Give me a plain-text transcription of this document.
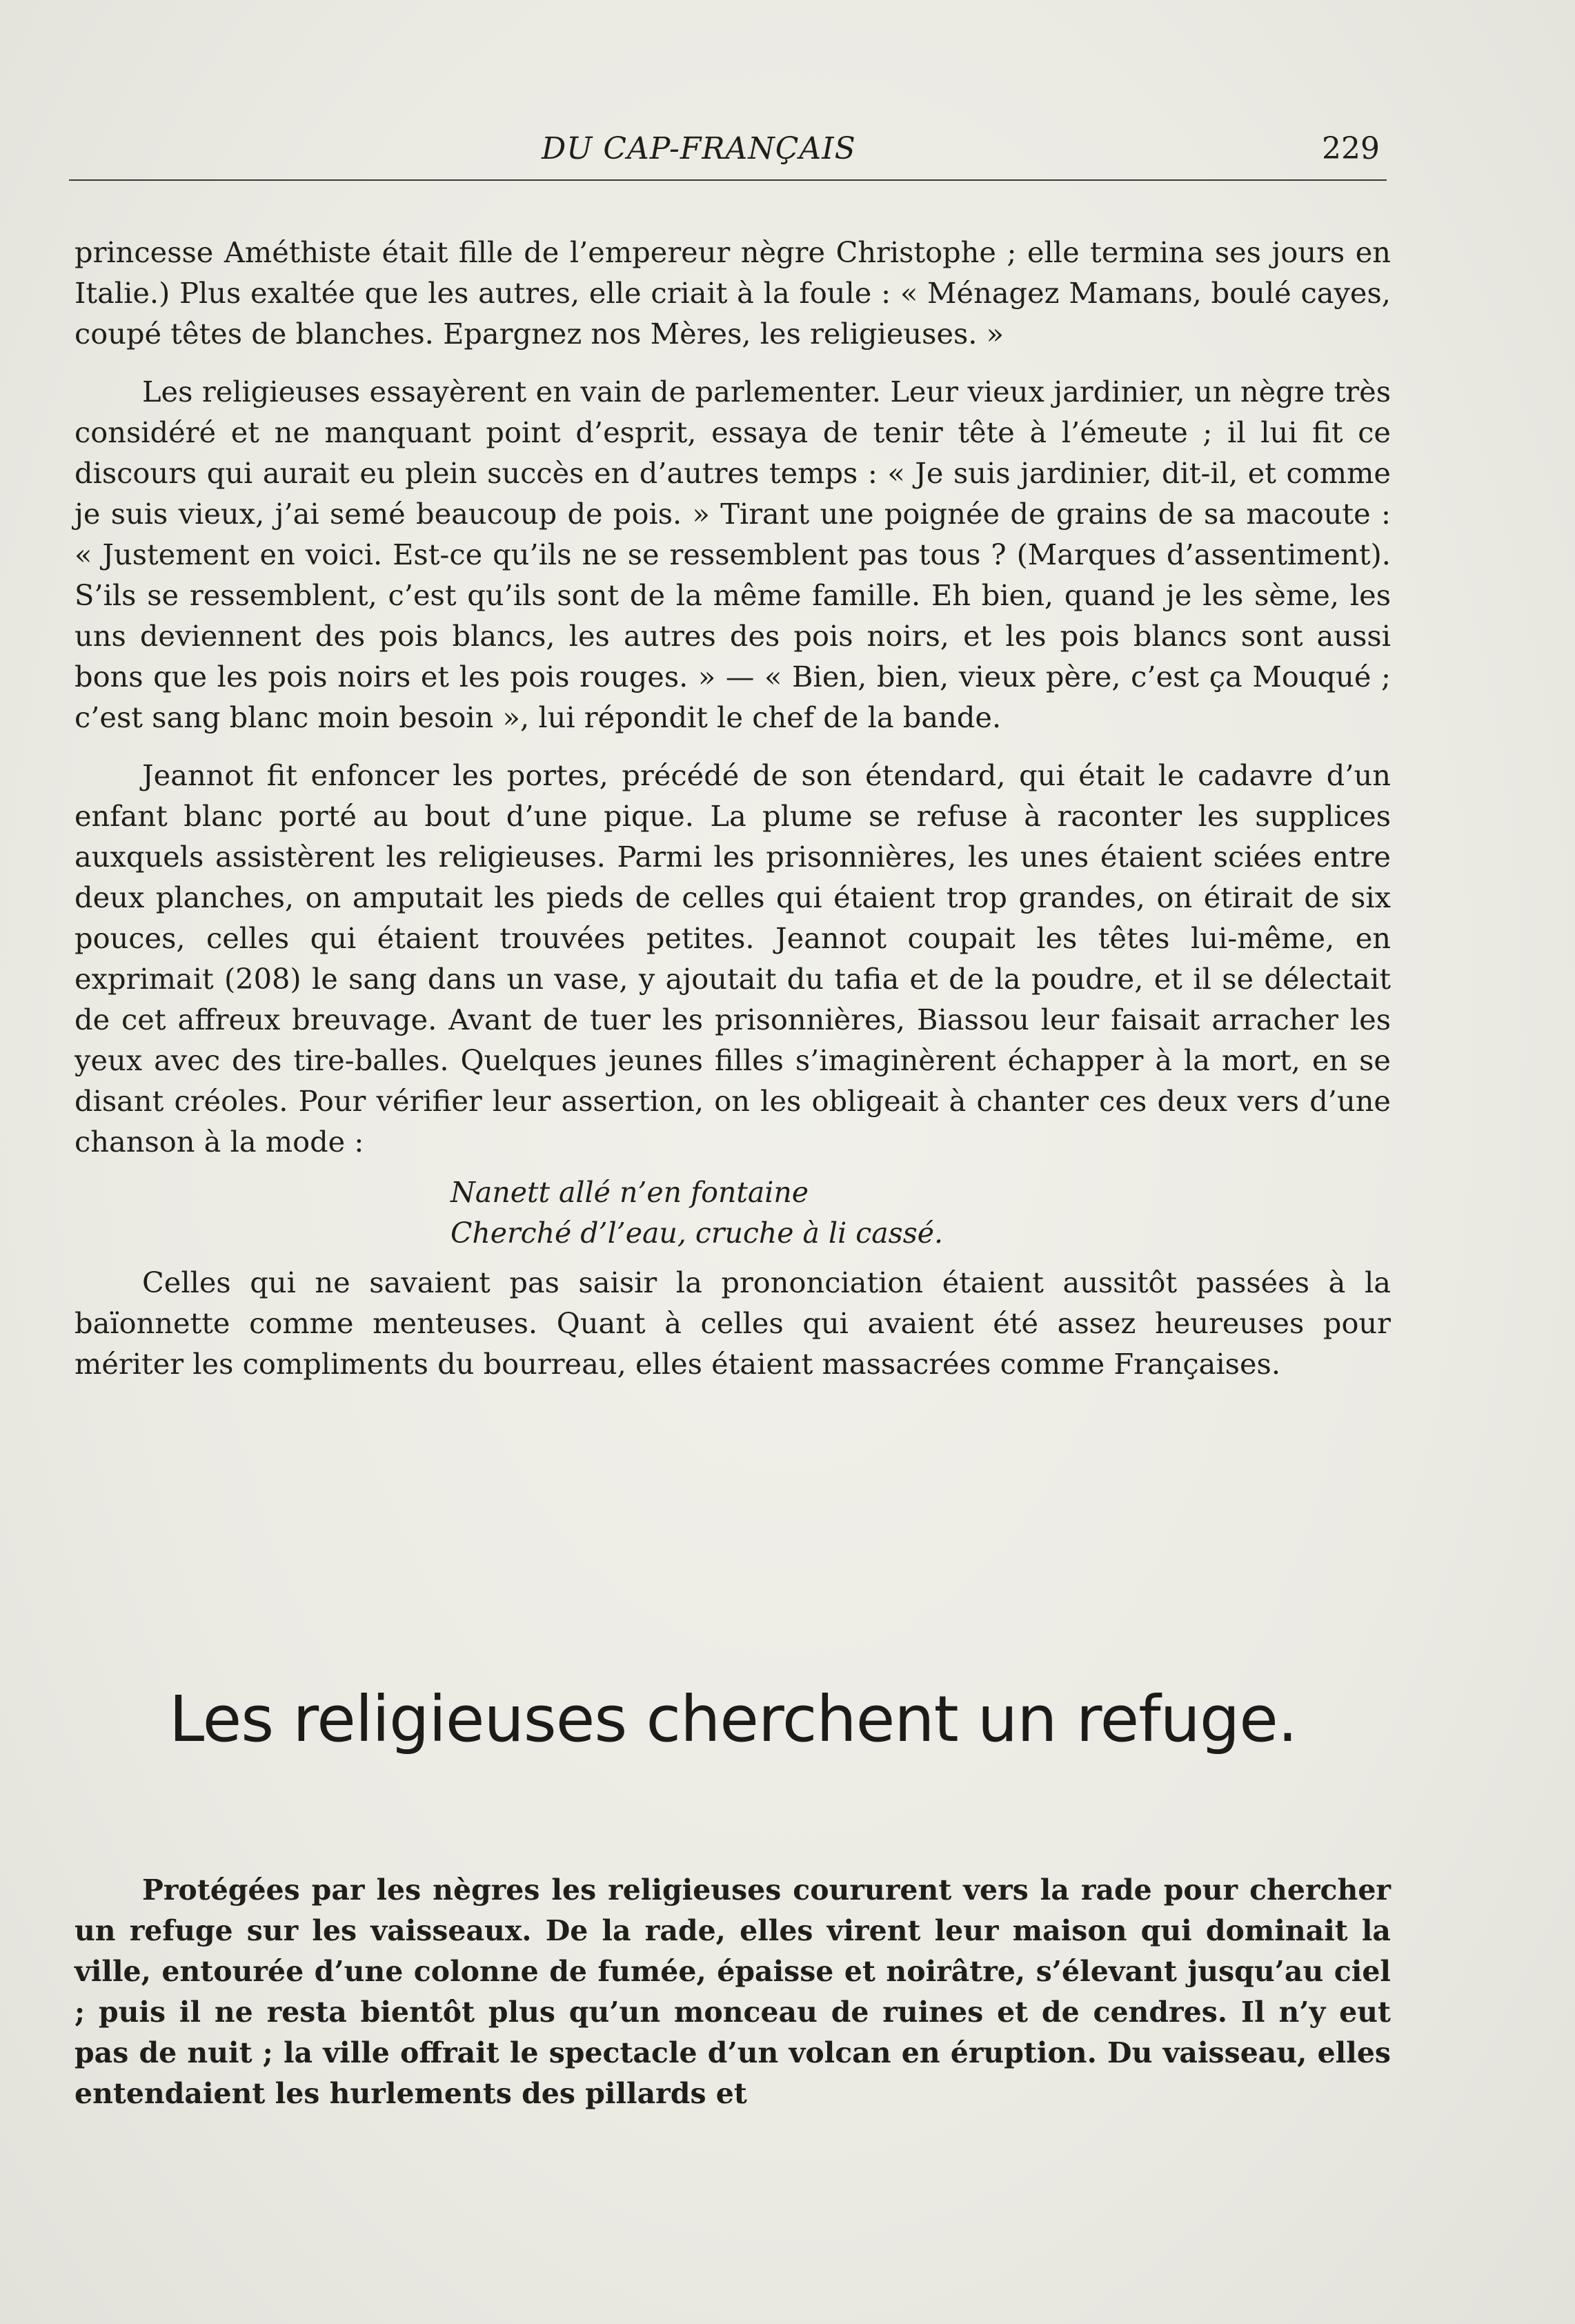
DU CAP-FRANÇAIS	229

princesse Améthiste était fille de l’empereur nègre Christophe ; elle termina ses jours en Italie.) Plus exaltée que les autres, elle criait à la foule : « Ménagez Mamans, boulé cayes, coupé têtes de blanches. Epargnez nos Mères, les religieuses. »

Les religieuses essayèrent en vain de parlementer. Leur vieux jardinier, un nègre très considéré et ne manquant point d’esprit, essaya de tenir tête à l’émeute ; il lui fit ce discours qui aurait eu plein succès en d’autres temps : « Je suis jardinier, dit-il, et comme je suis vieux, j’ai semé beaucoup de pois. » Tirant une poignée de grains de sa macoute : « Justement en voici. Est-ce qu’ils ne se ressemblent pas tous ? (Marques d’assentiment). S’ils se ressemblent, c’est qu’ils sont de la même famille. Eh bien, quand je les sème, les uns deviennent des pois blancs, les autres des pois noirs, et les pois blancs sont aussi bons que les pois noirs et les pois rouges. » — « Bien, bien, vieux père, c’est ça Mouqué ; c’est sang blanc moin besoin », lui répondit le chef de la bande.

Jeannot fit enfoncer les portes, précédé de son étendard, qui était le cadavre d’un enfant blanc porté au bout d’une pique. La plume se refuse à raconter les supplices auxquels assistèrent les religieuses. Parmi les prisonnières, les unes étaient sciées entre deux planches, on amputait les pieds de celles qui étaient trop grandes, on étirait de six pouces, celles qui étaient trouvées petites. Jeannot coupait les têtes lui-même, en exprimait (208) le sang dans un vase, y ajoutait du tafia et de la poudre, et il se délectait de cet affreux breuvage. Avant de tuer les prisonnières, Biassou leur faisait arracher les yeux avec des tire-balles. Quelques jeunes filles s’imaginèrent échapper à la mort, en se disant créoles. Pour vérifier leur assertion, on les obligeait à chanter ces deux vers d’une chanson à la mode :

Nanett allé n’en fontaine
Cherché d’l’eau, cruche à li cassé.

Celles qui ne savaient pas saisir la prononciation étaient aussitôt passées à la baïonnette comme menteuses. Quant à celles qui avaient été assez heureuses pour mériter les compliments du bourreau, elles étaient massacrées comme Françaises.

Les religieuses cherchent un refuge.

Protégées par les nègres les religieuses coururent vers la rade pour chercher un refuge sur les vaisseaux. De la rade, elles virent leur maison qui dominait la ville, entourée d’une colonne de fumée, épaisse et noirâtre, s’élevant jusqu’au ciel ; puis il ne resta bientôt plus qu’un monceau de ruines et de cendres. Il n’y eut pas de nuit ; la ville offrait le spectacle d’un volcan en éruption. Du vaisseau, elles entendaient les hurlements des pillards et
